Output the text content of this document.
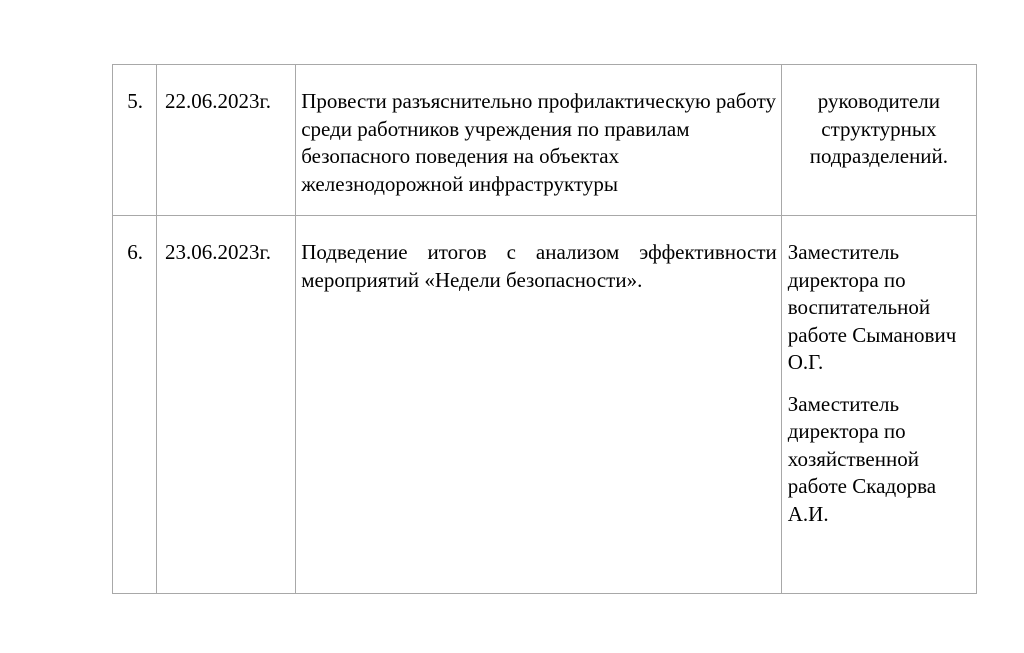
5.	22.06.2023г.	Провести разъяснительно профилактическую работу среди работников учреждения по правилам безопасного поведения на объектах железнодорожной инфраструктуры	руководители структурных подразделений.

6.	23.06.2023г.	Подведение итогов с анализом эффективности мероприятий «Недели безопасности».	Заместитель директора по воспитательной работе Сыманович О.Г.
Заместитель директора по хозяйственной работе Скадорва А.И.
